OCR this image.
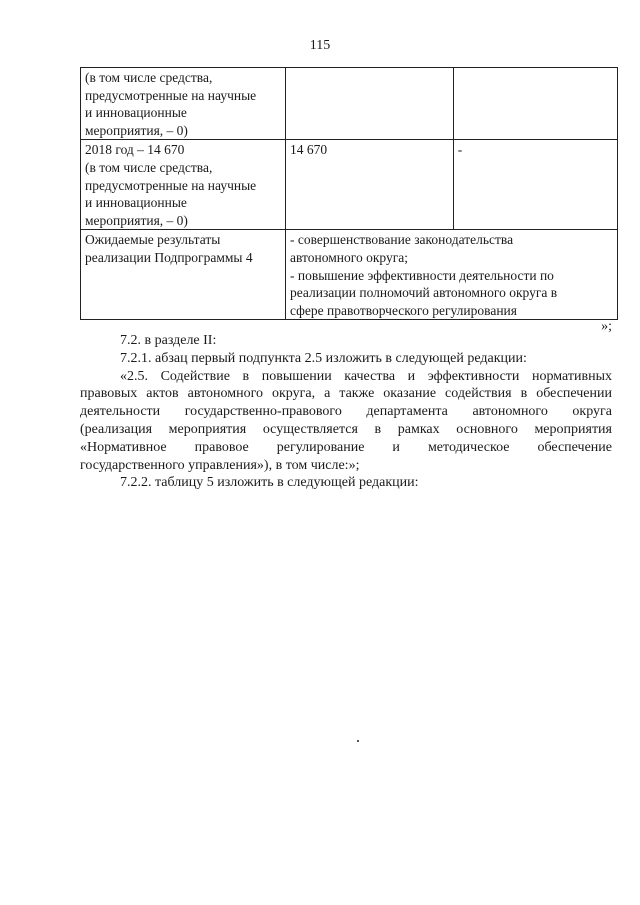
115
(в том числе средства,
предусмотренные на научные
и инновационные
мероприятия, – 0)		

2018 год – 14 670
(в том числе средства,
предусмотренные на научные
и инновационные
мероприятия, – 0)	14 670	-

Ожидаемые результаты
реализации Подпрограммы 4	- совершенствование законодательства
автономного округа;
- повышение эффективности деятельности по
реализации полномочий автономного округа в
сфере правотворческого регулирования	
»;

7.2. в разделе II:

7.2.1. абзац первый подпункта 2.5 изложить в следующей редакции:

«2.5. Содействие в повышении качества и эффективности нормативных

правовых актов автономного округа, а также оказание содействия в обеспечении

деятельности государственно-правового департамента автономного округа

(реализация мероприятия осуществляется в рамках основного мероприятия

«Нормативное правовое регулирование и методическое обеспечение

государственного управления»), в том числе:»;

7.2.2. таблицу 5 изложить в следующей редакции:
